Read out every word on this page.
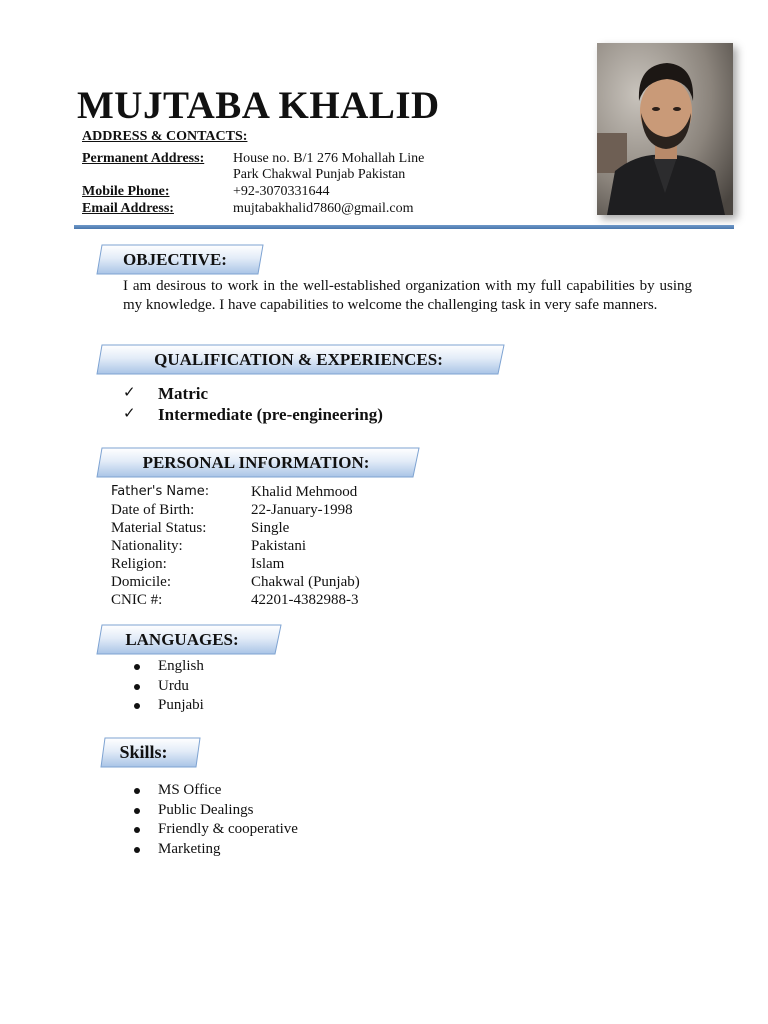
MUJTABA KHALID
ADDRESS & CONTACTS:
Permanent Address: House no. B/1 276 Mohallah Line
Park Chakwal Punjab Pakistan
Mobile Phone:	+92-3070331644
Email Address:	mujtabakhalid7860@gmail.com
OBJECTIVE:

I am desirous to work in the well-established organization with my full capabilities by using my knowledge. I have capabilities to welcome the challenging task in very safe manners.

QUALIFICATION & EXPERIENCES:
✓ Matric
✓ Intermediate (pre-engineering)
PERSONAL INFORMATION:
Father's Name:	Khalid Mehmood
Date of Birth:	22-January-1998
Material Status:	Single
Nationality:	Pakistani
Religion:	Islam
Domicile:	Chakwal (Punjab)
CNIC #:	42201-4382988-3
LANGUAGES:
English
Urdu
Punjabi
Skills:
MS Office
Public Dealings
Friendly & cooperative
Marketing
